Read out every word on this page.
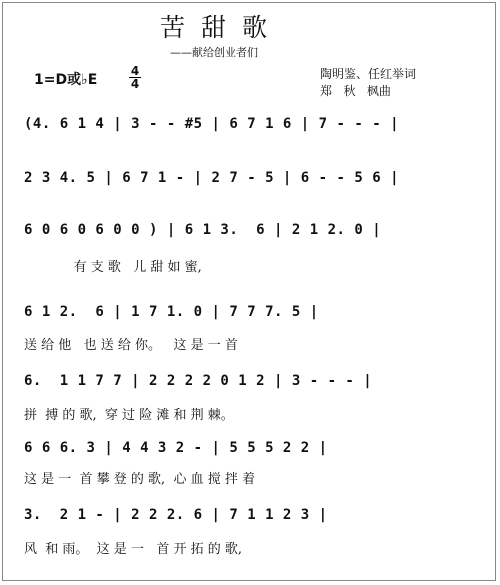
苦甜歌
——献给创业者们
1=D或♭E
4
4
陶明鉴、任红举词
郑   秋   枫曲
(4. 6 1 4 | 3 - - #5 | 6 7 1 6 | 7 - - - |
2 3 4. 5 | 6 7 1 - | 2 7 - 5 | 6 - - 5 6 |
6 0 6 0 6 0 0 ) | 6 1 3.  6 | 2 1 2. 0 |
有 支 歌   儿 甜 如 蜜,
6 1 2.  6 | 1 7 1. 0 | 7 7 7. 5 |
送 给 他   也 送 给 你。   这 是 一 首
6.  1 1 7 7 | 2 2 2 2 0 1 2 | 3 - - - |
拼  搏 的 歌,  穿 过 险 滩 和 荆 棘。
6 6 6. 3 | 4 4 3 2 - | 5 5 5 2 2 |
这 是 一  首 攀 登 的 歌,  心 血 搅 拌 着
3.  2 1 - | 2 2 2. 6 | 7 1 1 2 3 |
风  和 雨。  这 是 一   首 开 拓 的 歌,
